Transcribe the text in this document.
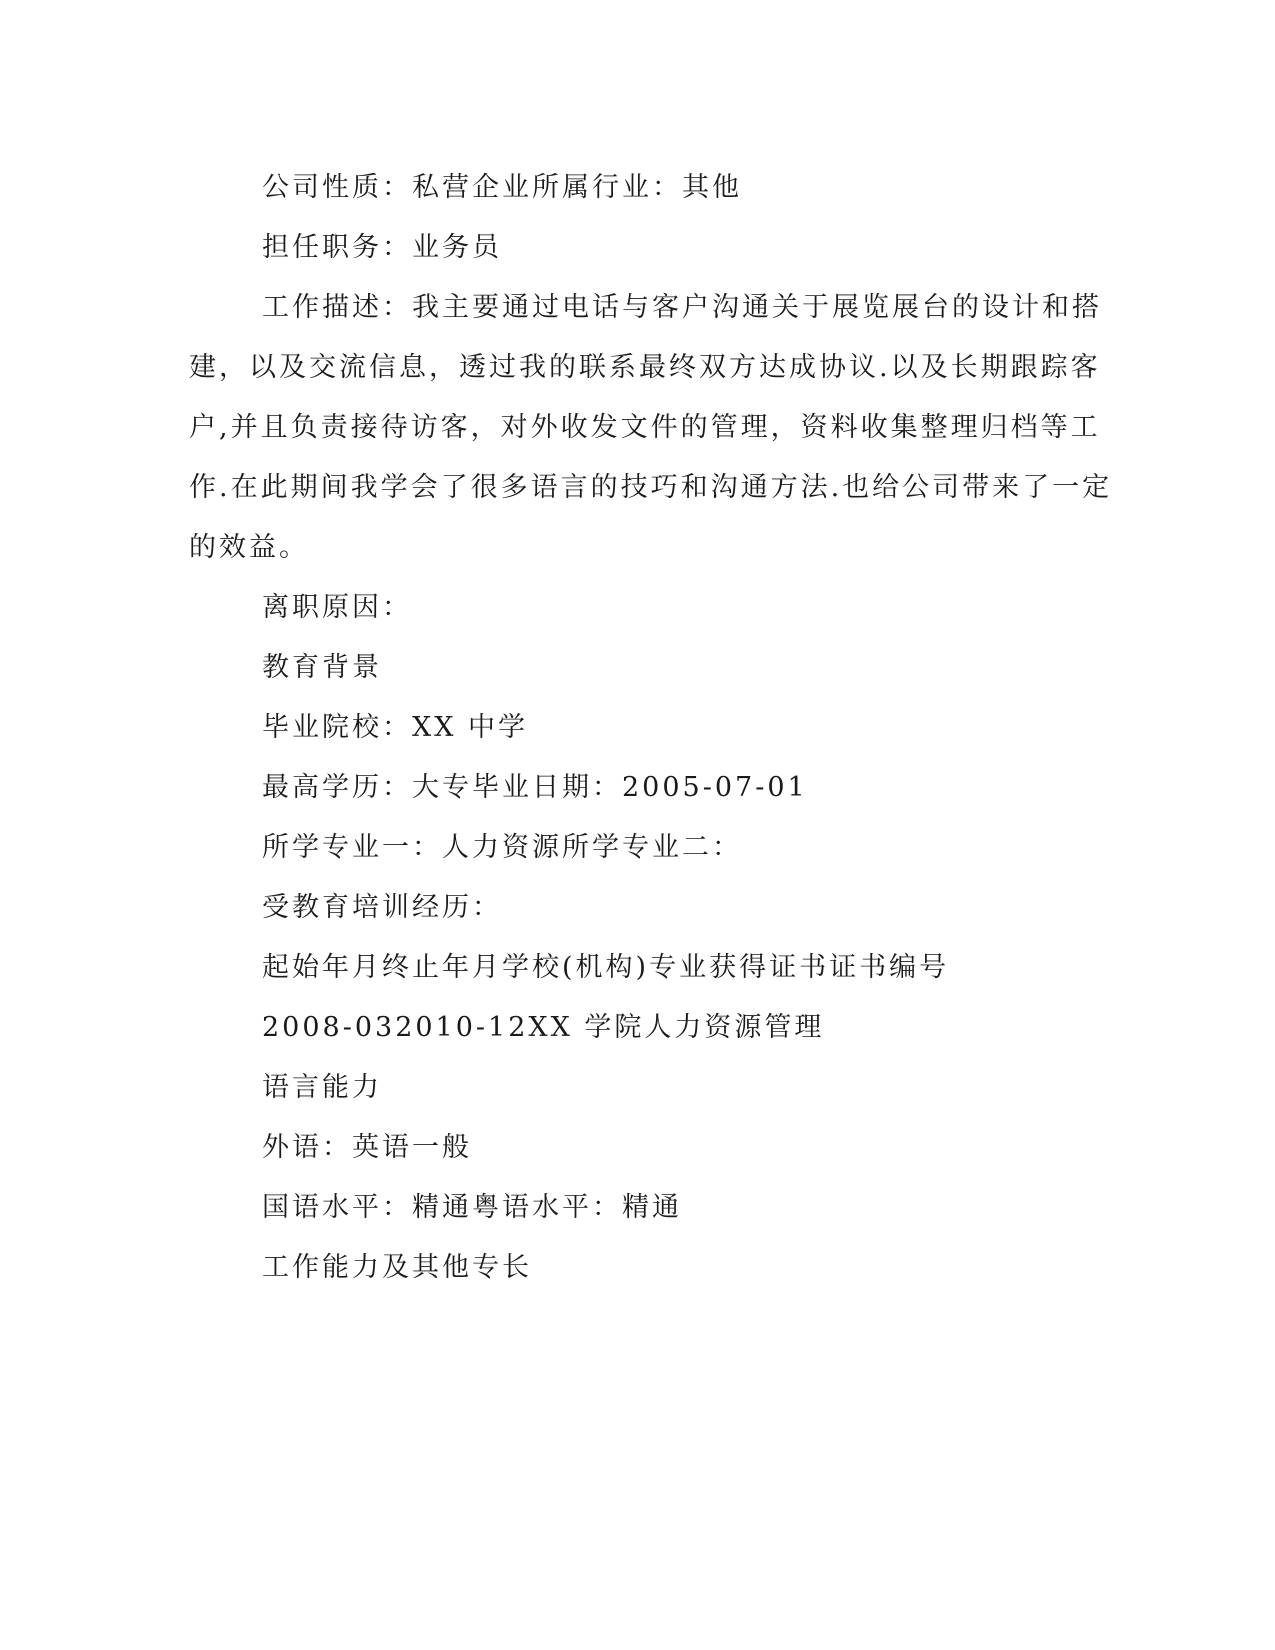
公司性质：私营企业所属行业：其他
担任职务：业务员
工作描述：我主要通过电话与客户沟通关于展览展台的设计和搭
建，以及交流信息，透过我的联系最终双方达成协议.以及长期跟踪客
户,并且负责接待访客，对外收发文件的管理，资料收集整理归档等工
作.在此期间我学会了很多语言的技巧和沟通方法.也给公司带来了一定
的效益。
离职原因：
教育背景
毕业院校：XX 中学
最高学历：大专毕业日期：2005-07-01
所学专业一：人力资源所学专业二：
受教育培训经历：
起始年月终止年月学校(机构)专业获得证书证书编号
2008-032010-12XX 学院人力资源管理
语言能力
外语：英语一般
国语水平：精通粤语水平：精通
工作能力及其他专长
